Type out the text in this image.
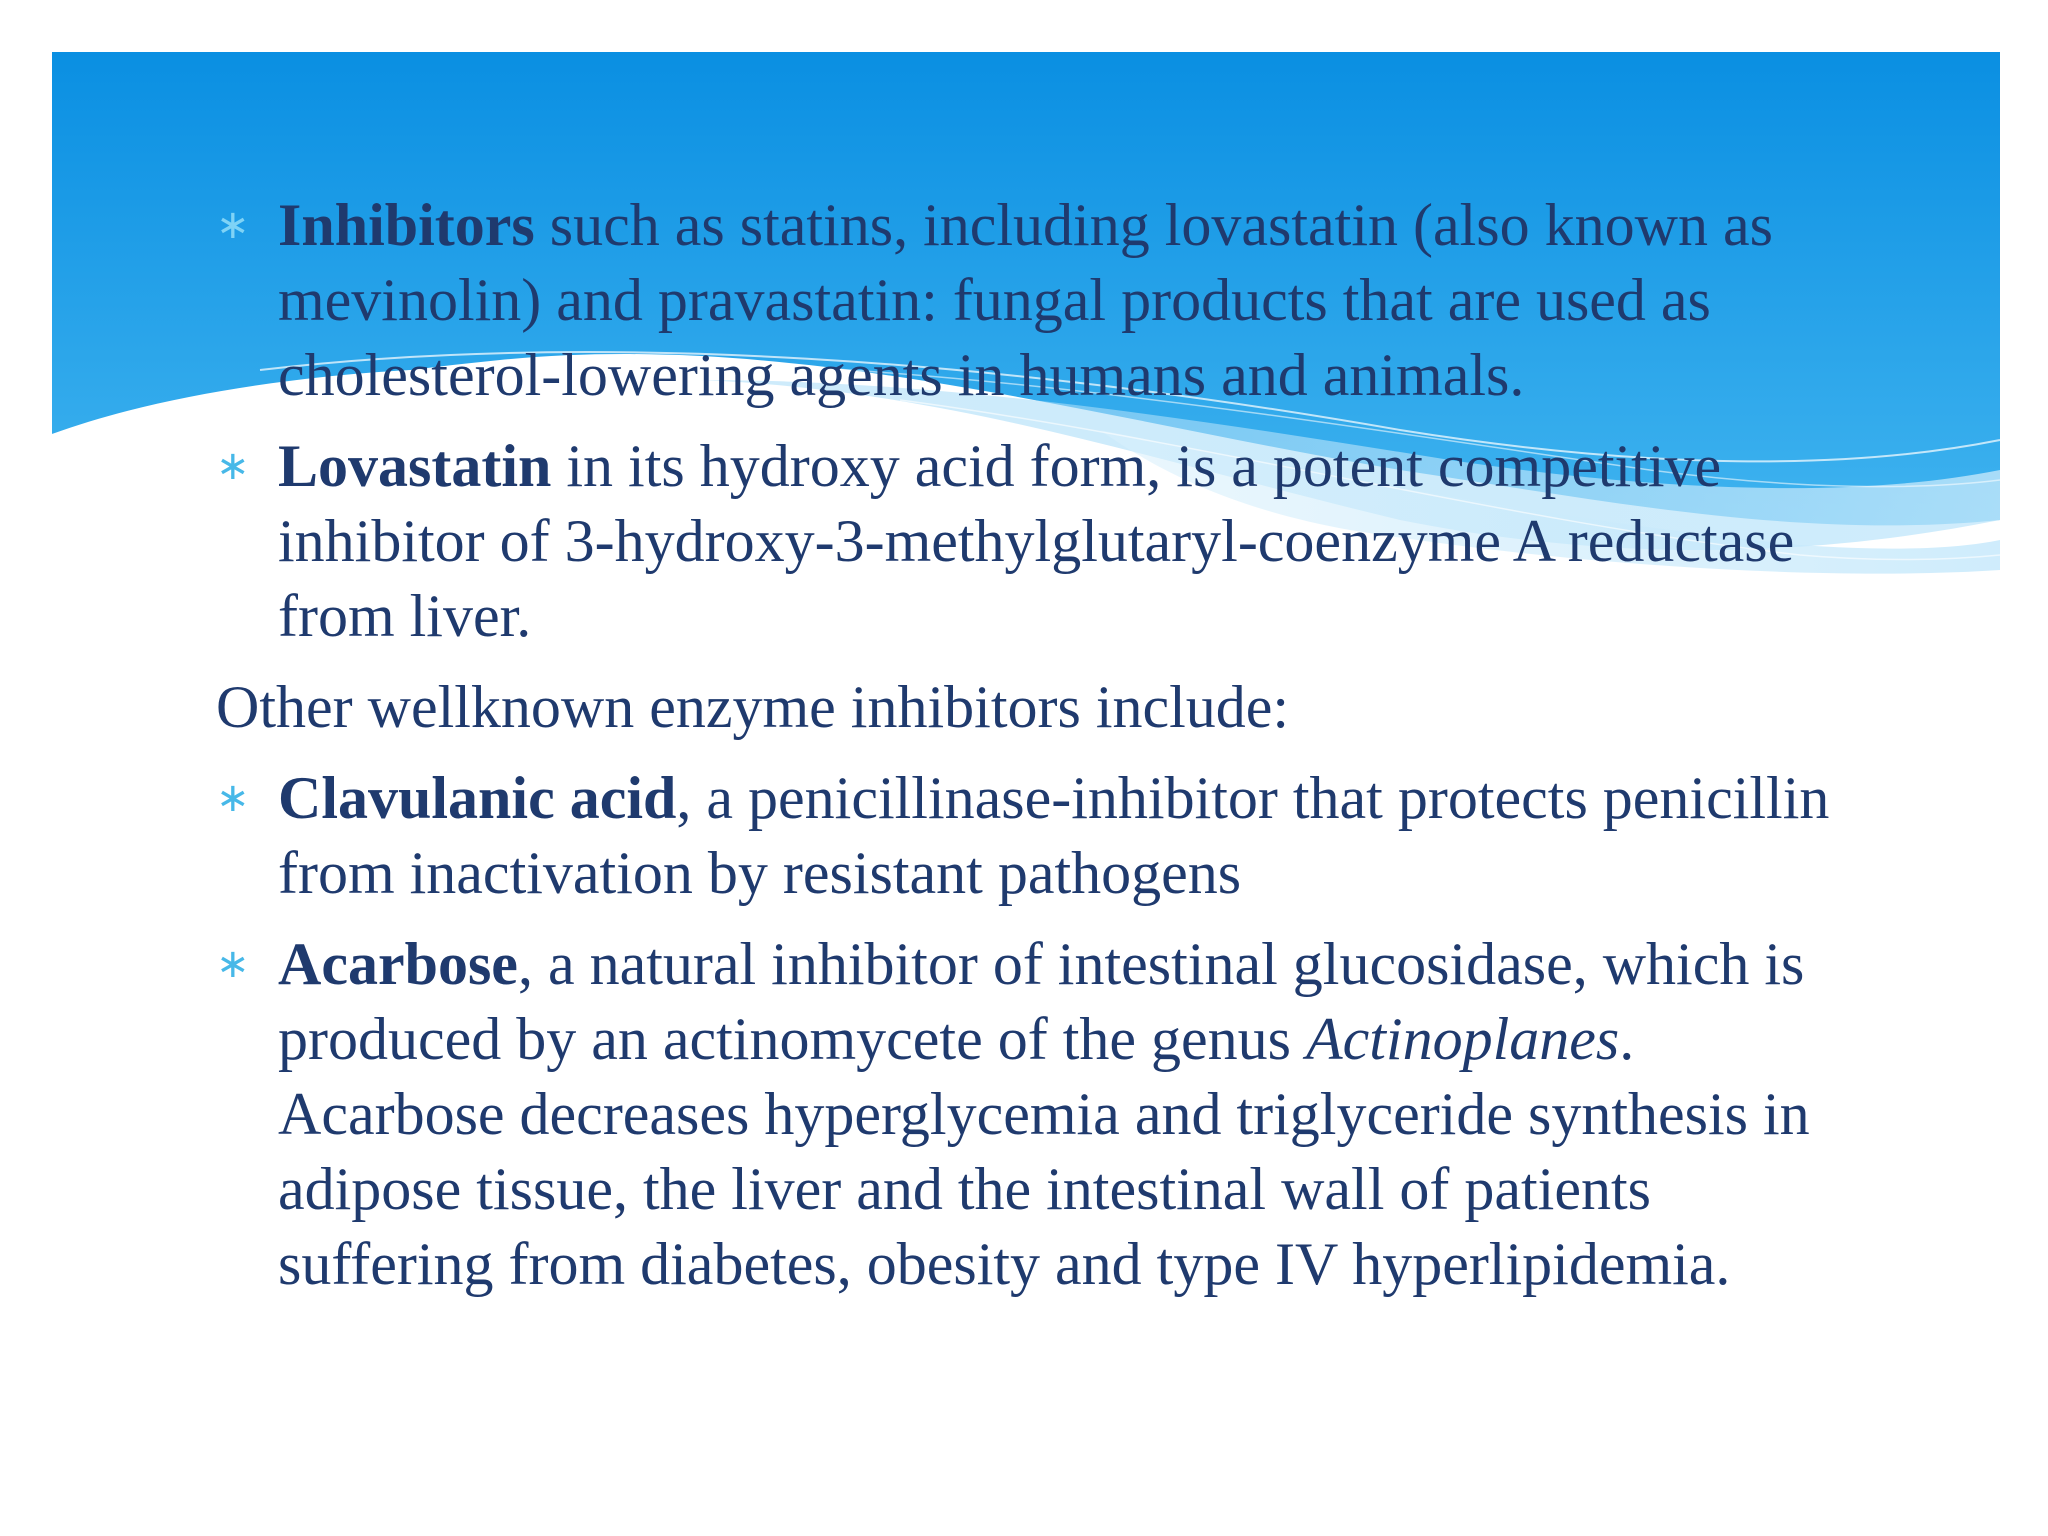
∗ Inhibitors such as statins, including lovastatin (also known as mevinolin) and pravastatin: fungal products that are used as cholesterol-lowering agents in humans and animals.
∗ Lovastatin in its hydroxy acid form, is a potent competitive inhibitor of 3-hydroxy-3-methylglutaryl-coenzyme A reductase from liver.
Other wellknown enzyme inhibitors include:
∗ Clavulanic acid, a penicillinase-inhibitor that protects penicillin from inactivation by resistant pathogens
∗ Acarbose, a natural inhibitor of intestinal glucosidase, which is produced by an actinomycete of the genus Actinoplanes. Acarbose decreases hyperglycemia and triglyceride synthesis in adipose tissue, the liver and the intestinal wall of patients suffering from diabetes, obesity and type IV hyperlipidemia.
